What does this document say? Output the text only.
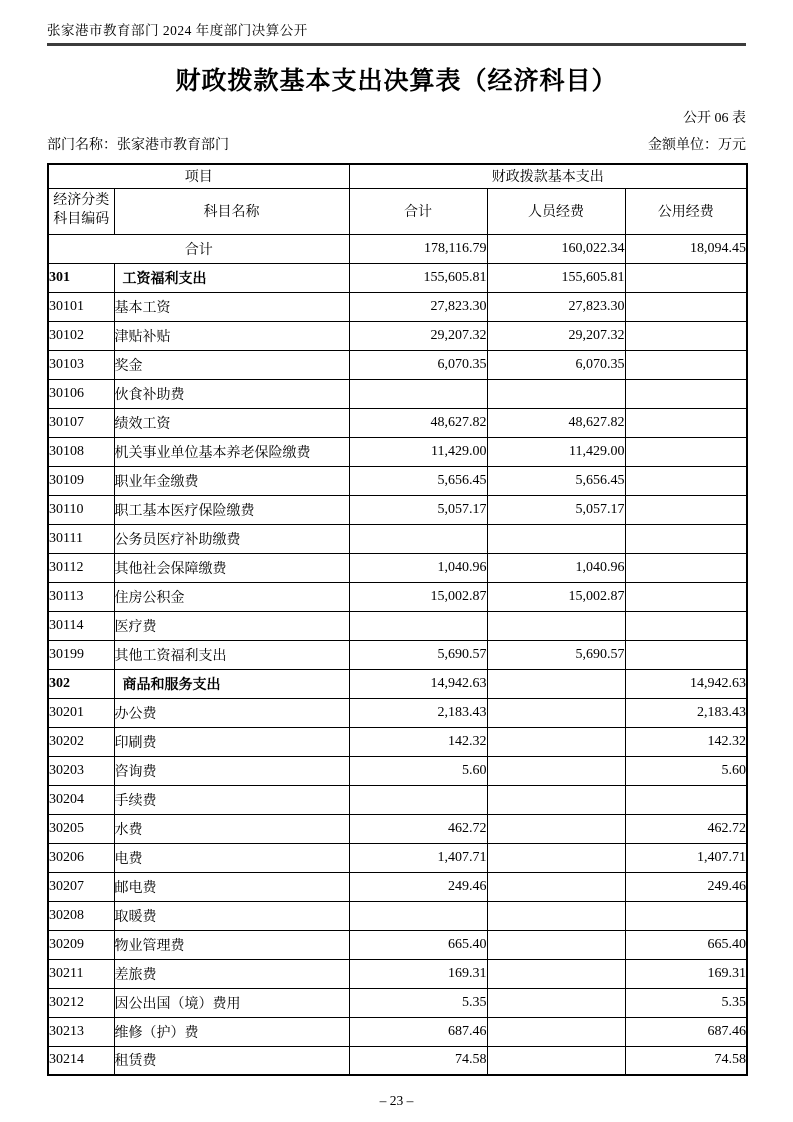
张家港市教育部门 2024 年度部门决算公开
财政拨款基本支出决算表（经济科目）
公开 06 表
部门名称：张家港市教育部门	金额单位：万元
项目		财政拨款基本支出		

经济分类
科目编码	科目名称	合计	人员经费	公用经费
合计		178,116.79	160,022.34	18,094.45
301	工资福利支出	155,605.81	155,605.81	
30101	基本工资	27,823.30	27,823.30	
30102	津贴补贴	29,207.32	29,207.32	
30103	奖金	6,070.35	6,070.35	
30106	伙食补助费			
30107	绩效工资	48,627.82	48,627.82	
30108	机关事业单位基本养老保险缴费	11,429.00	11,429.00	
30109	职业年金缴费	5,656.45	5,656.45	
30110	职工基本医疗保险缴费	5,057.17	5,057.17	
30111	公务员医疗补助缴费			
30112	其他社会保障缴费	1,040.96	1,040.96	
30113	住房公积金	15,002.87	15,002.87	
30114	医疗费			
30199	其他工资福利支出	5,690.57	5,690.57	
302	商品和服务支出	14,942.63		14,942.63
30201	办公费	2,183.43		2,183.43
30202	印刷费	142.32		142.32
30203	咨询费	5.60		5.60
30204	手续费			
30205	水费	462.72		462.72
30206	电费	1,407.71		1,407.71
30207	邮电费	249.46		249.46
30208	取暖费			
30209	物业管理费	665.40		665.40
30211	差旅费	169.31		169.31
30212	因公出国（境）费用	5.35		5.35
30213	维修（护）费	687.46		687.46
30214	租赁费	74.58		74.58
– 23 –
